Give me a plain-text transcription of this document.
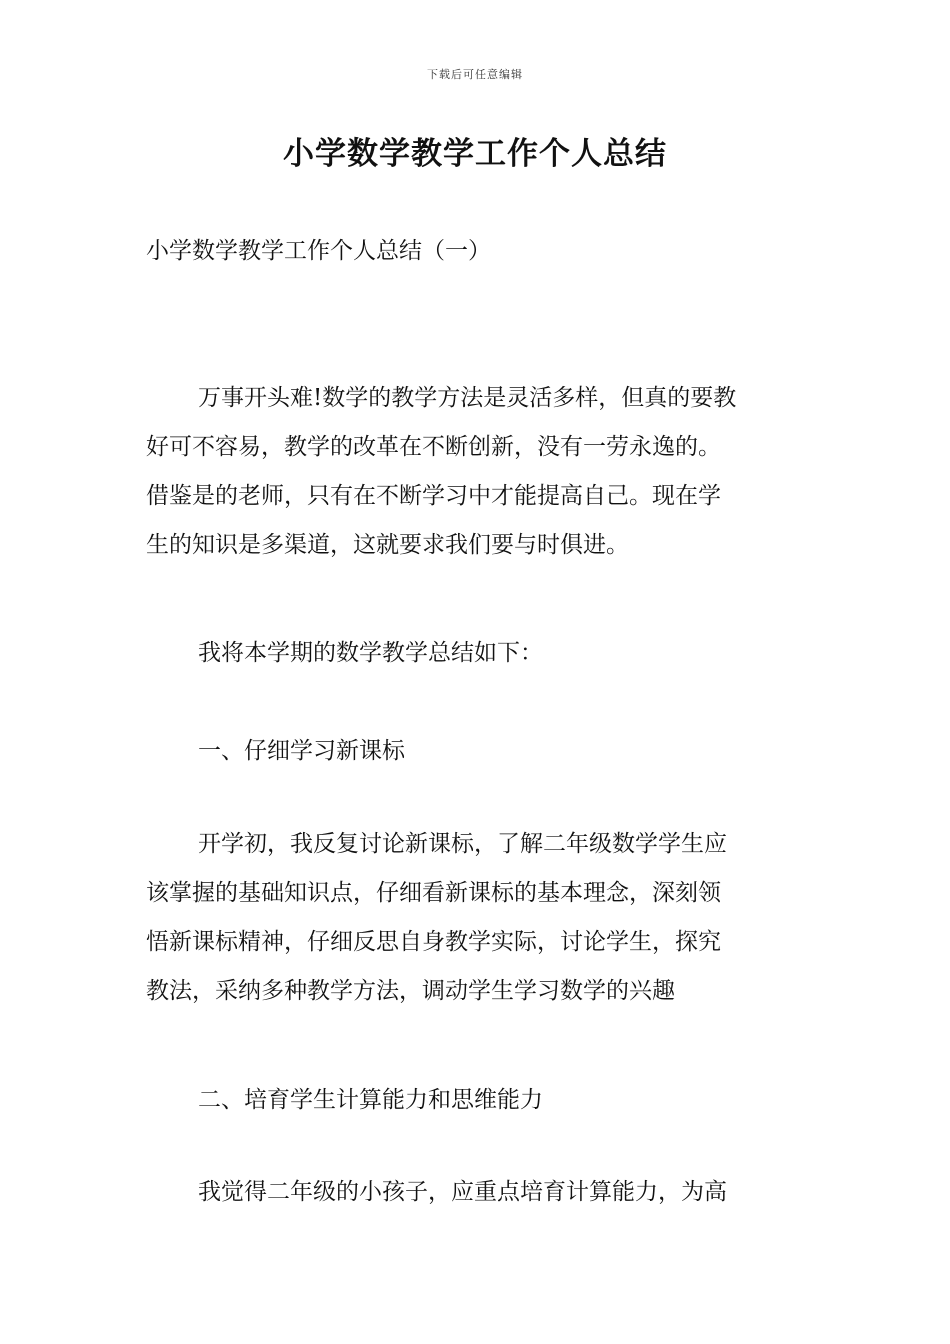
下载后可任意编辑
小学数学教学工作个人总结

小学数学教学工作个人总结（一）

万事开头难!数学的教学方法是灵活多样，但真的要教
好可不容易，教学的改革在不断创新，没有一劳永逸的。
借鉴是的老师，只有在不断学习中才能提高自己。现在学
生的知识是多渠道，这就要求我们要与时俱进。

我将本学期的数学教学总结如下：

一、仔细学习新课标

开学初，我反复讨论新课标，了解二年级数学学生应
该掌握的基础知识点，仔细看新课标的基本理念，深刻领
悟新课标精神，仔细反思自身教学实际，讨论学生，探究
教法，采纳多种教学方法，调动学生学习数学的兴趣

二、培育学生计算能力和思维能力

我觉得二年级的小孩子，应重点培育计算能力，为高
